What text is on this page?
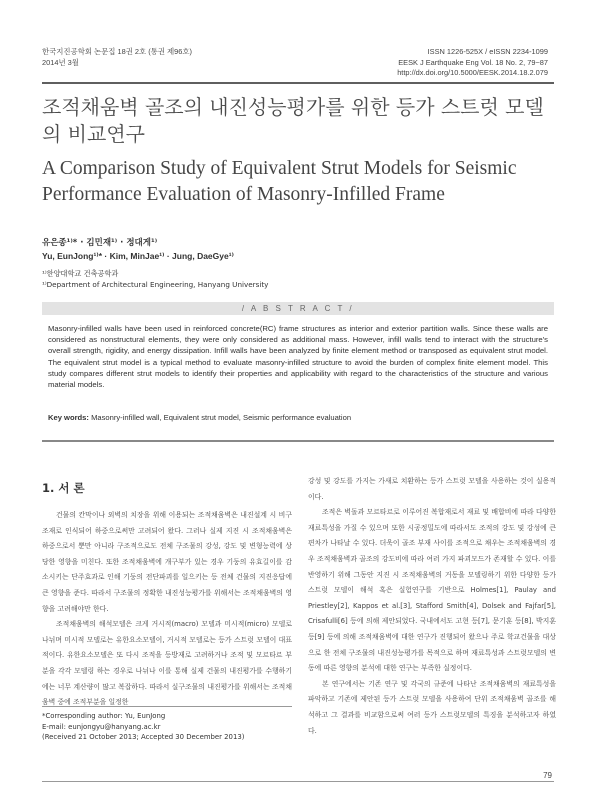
한국지진공학회 논문집 18권 2호 (통권 제96호)
2014년 3월
ISSN 1226-525X / eISSN 2234-1099
EESK J Earthquake Eng Vol. 18 No. 2, 79~87
http://dx.doi.org/10.5000/EESK.2014.18.2.079
조적채움벽 골조의 내진성능평가를 위한 등가 스트럿 모델의 비교연구
A Comparison Study of Equivalent Strut Models for Seismic Performance Evaluation of Masonry-Infilled Frame
유은종¹⁾* · 김민재¹⁾ · 정대게¹⁾
Yu, EunJong¹⁾* · Kim, MinJae¹⁾ · Jung, DaeGye¹⁾
¹⁾한양대학교 건축공학과
¹⁾Department of Architectural Engineering, Hanyang University
/ A B S T R A C T /
Masonry-infilled walls have been used in reinforced concrete(RC) frame structures as interior and exterior partition walls. Since these walls are considered as nonstructural elements, they were only considered as additional mass. However, infill walls tend to interact with the structure's overall strength, rigidity, and energy dissipation. Infill walls have been analyzed by finite element method or transposed as equivalent strut model. The equivalent strut model is a typical method to evaluate masonry-infilled structure to avoid the burden of complex finite element model. This study compares different strut models to identify their properties and applicability with regard to the characteristics of the structure and various material models.
Key words: Masonry-infilled wall, Equivalent strut model, Seismic performance evaluation
1. 서 론

건물의 칸막이나 외벽의 치장을 위해 이용되는 조적채움벽은 내진설계 시 비구조재로 인식되어 하중으로써만 고려되어 왔다. 그러나 실제 지진 시 조적채움벽은 하중으로서 뿐만 아니라 구조적으로도 전체 구조물의 강성, 강도 및 변형능력에 상당한 영향을 미친다. 또한 조적채움벽에 개구부가 있는 경우 기둥의 유효길이를 감소시키는 단주효과로 인해 기둥의 전단파괴를 일으키는 등 전체 건물의 지진응답에 큰 영향을 준다. 따라서 구조물의 정확한 내진성능평가를 위해서는 조적채움벽의 영향을 고려해야만 한다.

조적채움벽의 해석모델은 크게 거시적(macro) 모델과 미시적(micro) 모델로 나뉘며 미시적 모델로는 유한요소모델이, 거시적 모델로는 등가 스트럿 모델이 대표적이다. 유한요소모델은 또 다시 조적을 등방재로 고려하거나 조적 및 모르타르 부분을 각각 모델링 하는 경우로 나뉘나 이를 통해 실제 건물의 내진평가를 수행하기에는 너무 계산량이 많고 복잡하다. 따라서 실구조물의 내진평가를 위해서는 조적채움벽 중에 조적부분을 일정한

강성 및 강도를 가지는 가새로 치환하는 등가 스트럿 모델을 사용하는 것이 실용적이다.

조적은 벽돌과 모르타르로 이루어진 복합재로서 재료 및 배합비에 따라 다양한 재료특성을 가질 수 있으며 또한 시공정밀도에 따라서도 조적의 강도 및 강성에 큰 편차가 나타날 수 있다. 더욱이 골조 부재 사이를 조적으로 채우는 조적채움벽의 경우 조적채움벽과 골조의 강도비에 따라 여러 가지 파괴모드가 존재할 수 있다. 이를 반영하기 위해 그동안 지진 시 조적채움벽의 거동을 모델링하기 위한 다양한 등가 스트럿 모델이 해석 혹은 실험연구를 기반으로 Holmes[1], Paulay and Priestley[2], Kappos et al.[3], Stafford Smith[4], Dolsek and Fajfar[5], Crisafulli[6] 등에 의해 제안되었다. 국내에서도 고현 등[7], 문기훈 등[8], 박지훈 등[9] 등에 의해 조적채움벽에 대한 연구가 진행되어 왔으나 주로 학교건물을 대상으로 한 전체 구조물의 내진성능평가를 목적으로 하며 재료특성과 스트럿모델의 변동에 따른 영향의 분석에 대한 연구는 부족한 실정이다.

본 연구에서는 기존 연구 및 각국의 규준에 나타난 조적채움벽의 재료특성을 파악하고 기존에 제안된 등가 스트럿 모델을 사용하여 단위 조적채움벽 골조를 해석하고 그 결과를 비교함으로써 여러 등가 스트럿모델의 특징을 분석하고자 하였다.

*Corresponding author: Yu, EunJong
E-mail: eunjongyu@hanyang.ac.kr
(Received 21 October 2013; Accepted 30 December 2013)
79
